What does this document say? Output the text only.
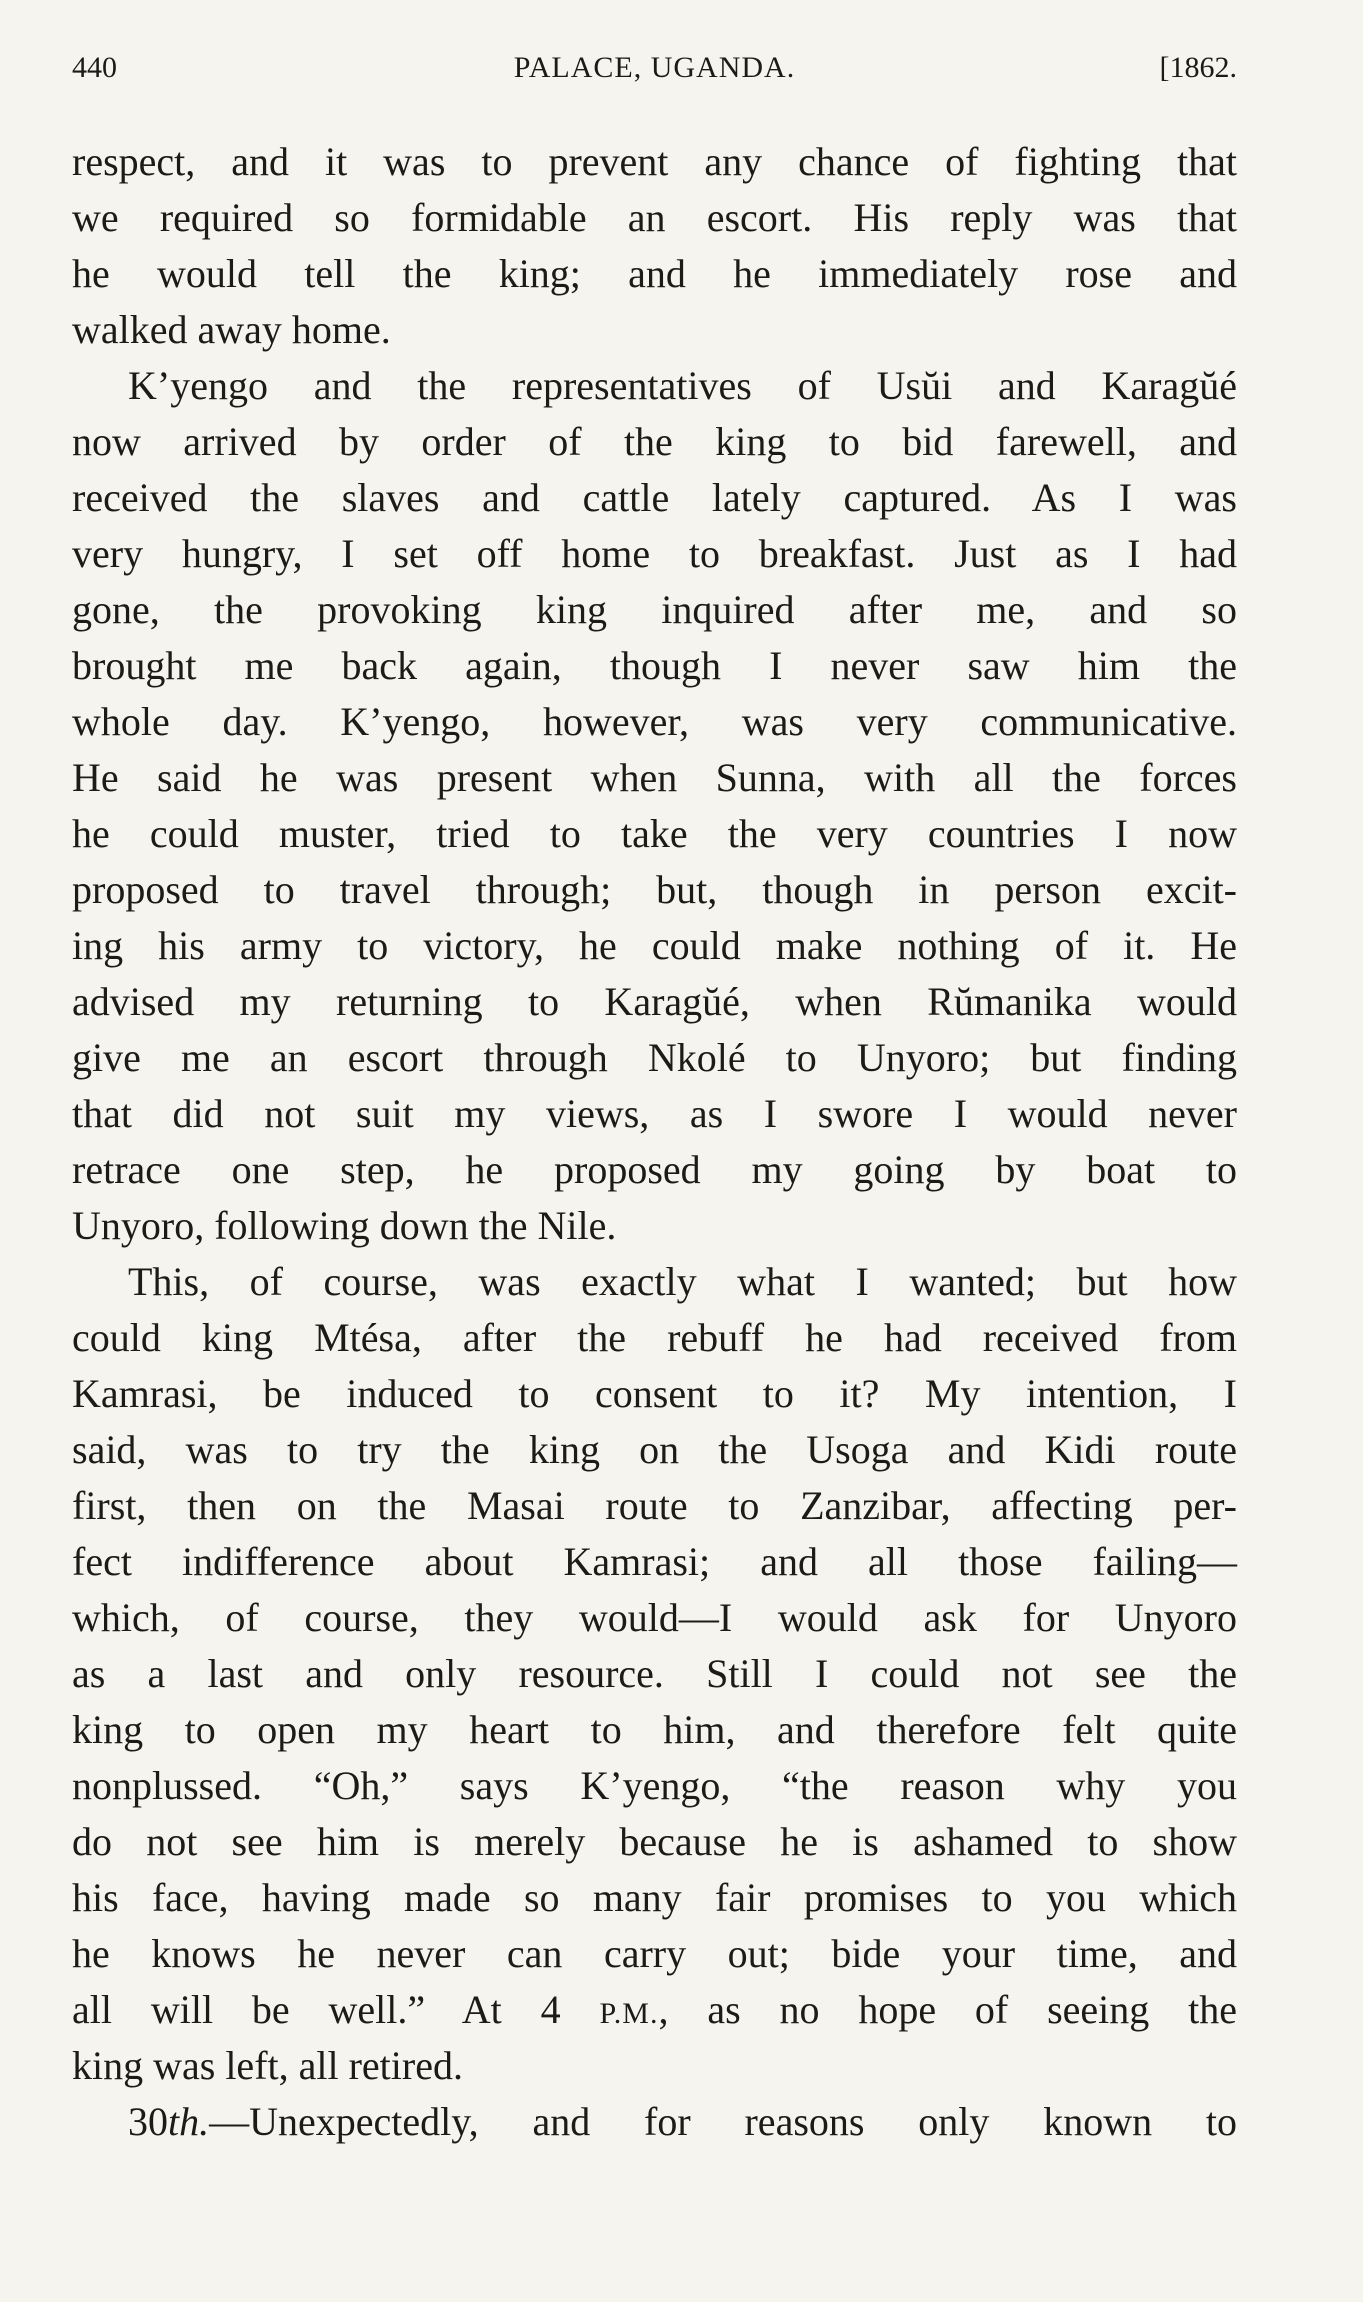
440	PALACE, UGANDA.	[1862.
respect, and it was to prevent any chance of fighting that
we required so formidable an escort. His reply was that
he would tell the king; and he immediately rose and
walked away home.
K’yengo and the representatives of Usŭi and Karagŭé
now arrived by order of the king to bid farewell, and
received the slaves and cattle lately captured. As I was
very hungry, I set off home to breakfast. Just as I had
gone, the provoking king inquired after me, and so
brought me back again, though I never saw him the
whole day. K’yengo, however, was very communicative.
He said he was present when Sunna, with all the forces
he could muster, tried to take the very countries I now
proposed to travel through; but, though in person excit-
ing his army to victory, he could make nothing of it. He
advised my returning to Karagŭé, when Rŭmanika would
give me an escort through Nkolé to Unyoro; but finding
that did not suit my views, as I swore I would never
retrace one step, he proposed my going by boat to
Unyoro, following down the Nile.
This, of course, was exactly what I wanted; but how
could king Mtésa, after the rebuff he had received from
Kamrasi, be induced to consent to it? My intention, I
said, was to try the king on the Usoga and Kidi route
first, then on the Masai route to Zanzibar, affecting per-
fect indifference about Kamrasi; and all those failing—
which, of course, they would—I would ask for Unyoro
as a last and only resource. Still I could not see the
king to open my heart to him, and therefore felt quite
nonplussed. “Oh,” says K’yengo, “the reason why you
do not see him is merely because he is ashamed to show
his face, having made so many fair promises to you which
he knows he never can carry out; bide your time, and
all will be well.” At 4 P.M., as no hope of seeing the
king was left, all retired.
30th.—Unexpectedly, and for reasons only known to
